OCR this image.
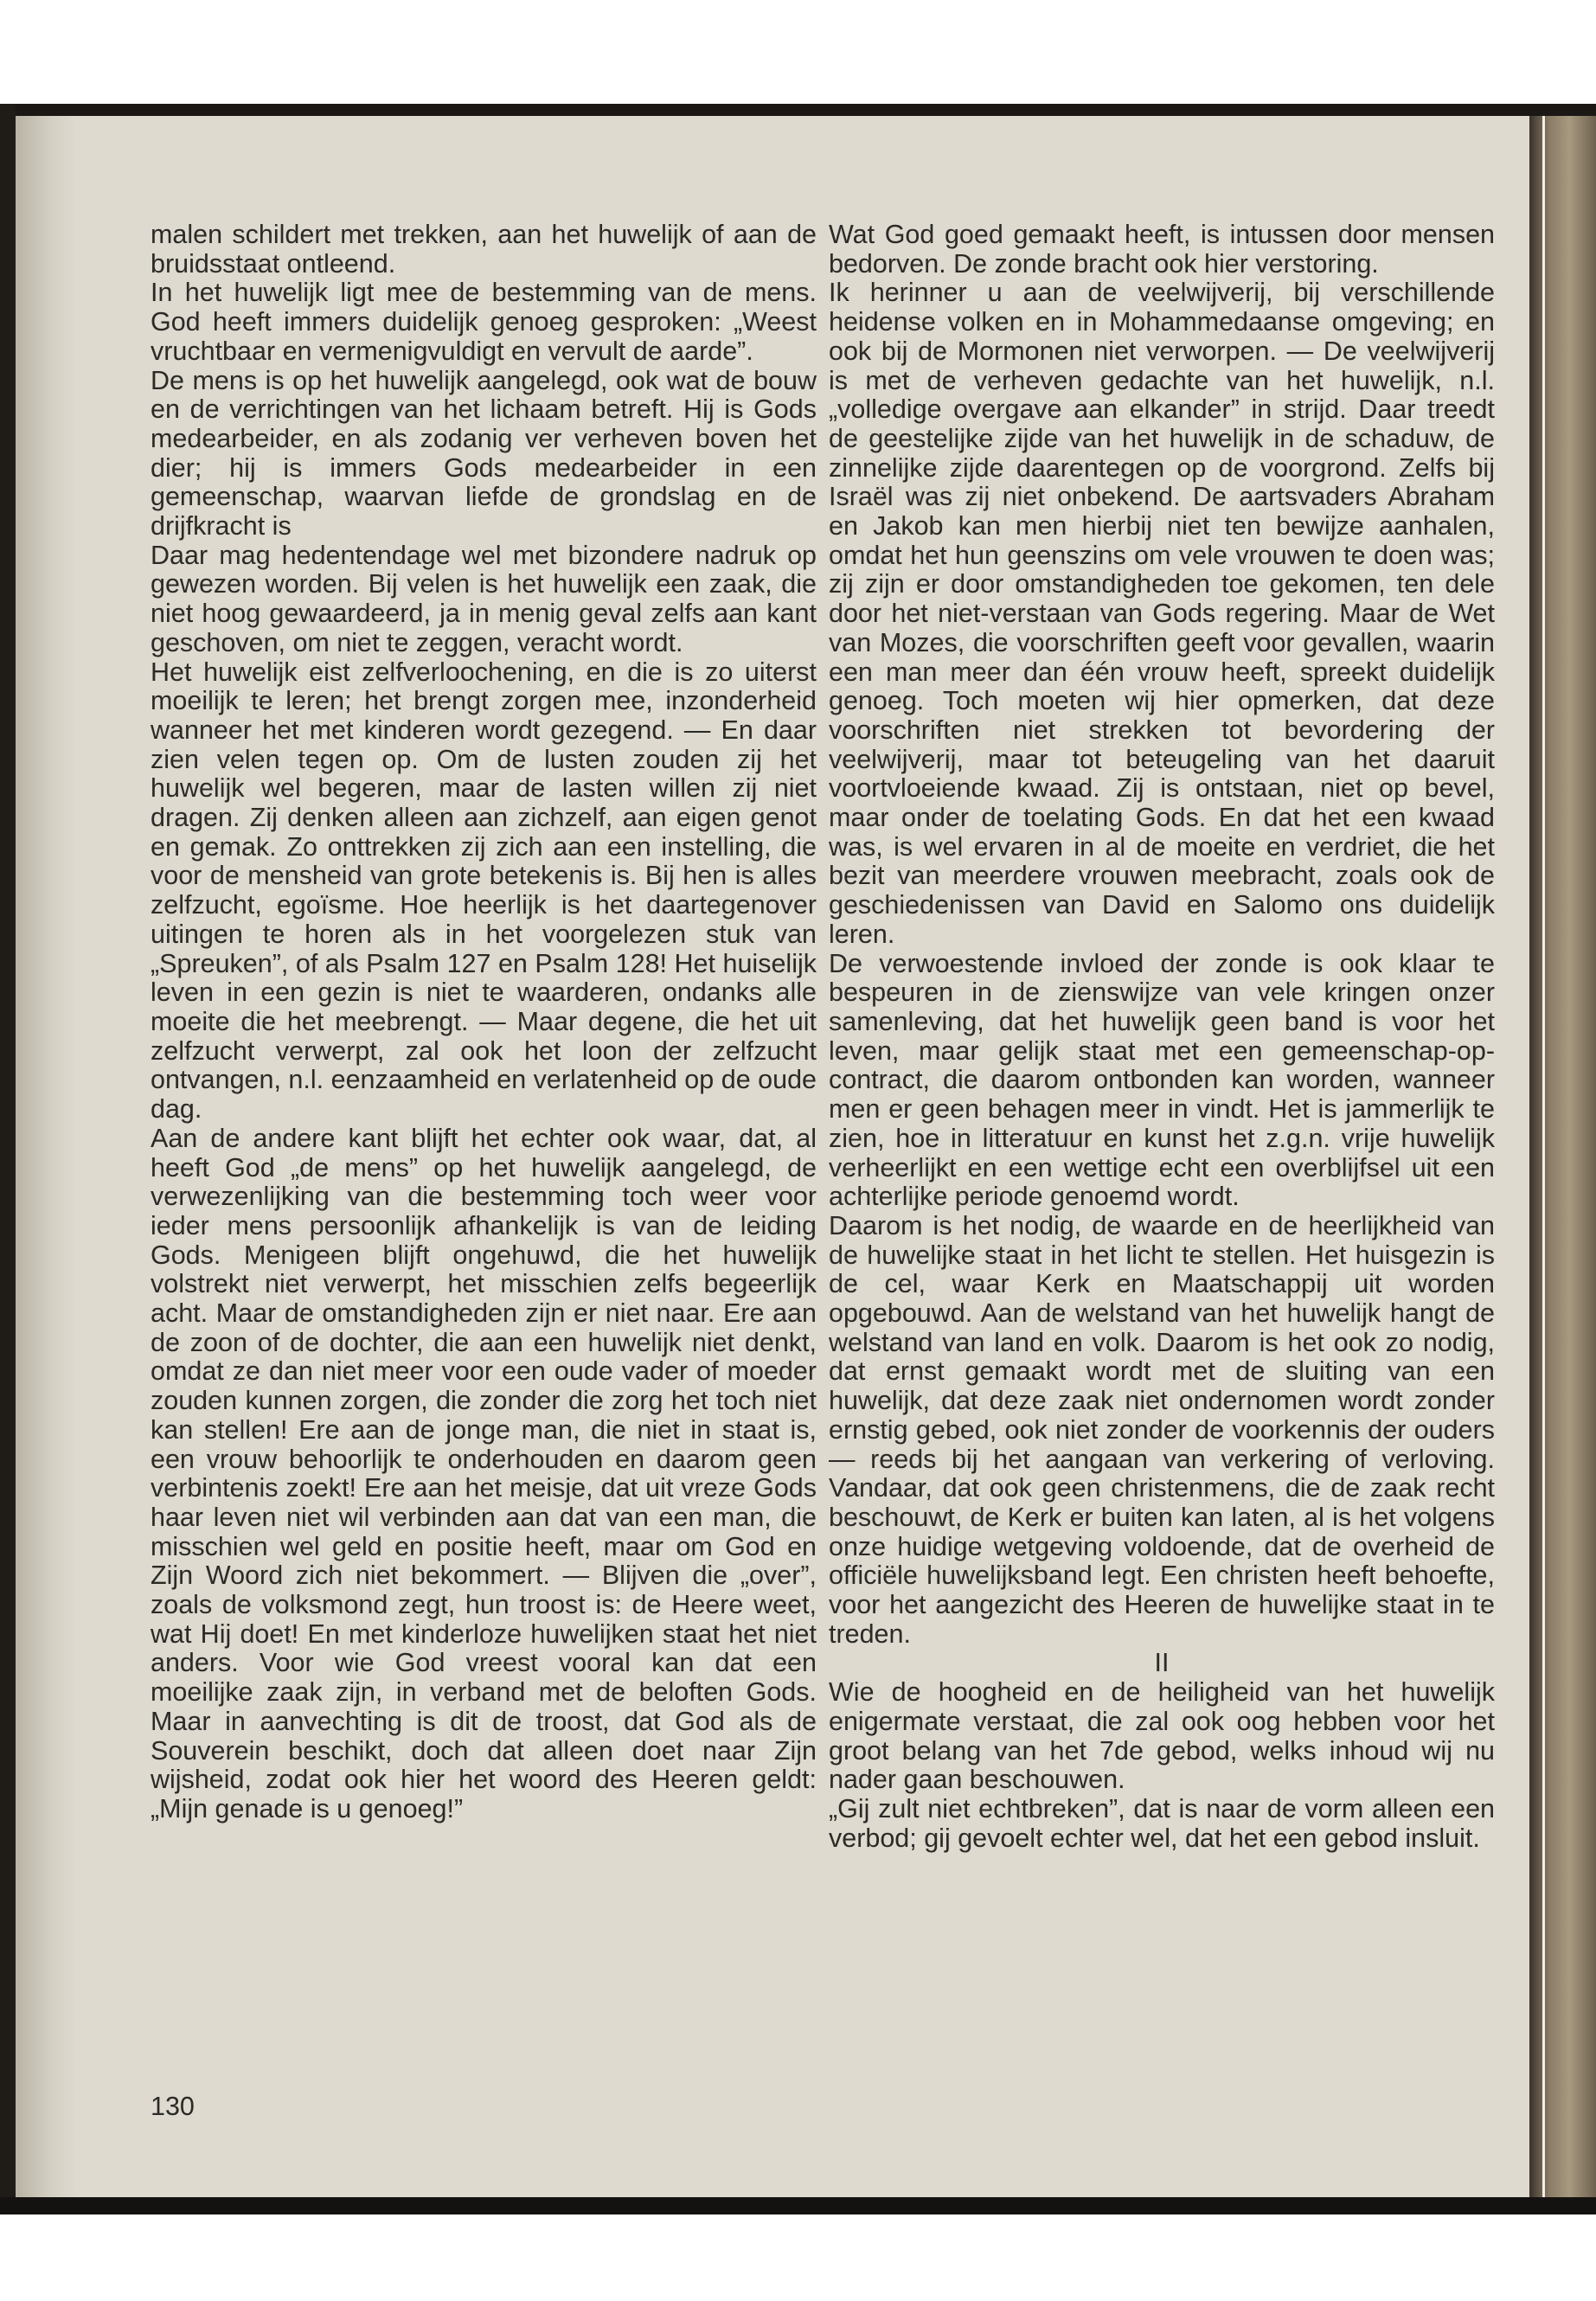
malen schildert met trekken, aan het huwelijk of aan de bruidsstaat ontleend.

In het huwelijk ligt mee de bestemming van de mens. God heeft immers duidelijk genoeg gesproken: „Weest vruchtbaar en vermenigvuldigt en vervult de aarde”.

De mens is op het huwelijk aangelegd, ook wat de bouw en de verrichtingen van het lichaam betreft. Hij is Gods medearbeider, en als zodanig ver verheven boven het dier; hij is immers Gods medearbeider in een gemeenschap, waarvan liefde de grondslag en de drijfkracht is

Daar mag hedentendage wel met bizondere nadruk op gewezen worden. Bij velen is het huwelijk een zaak, die niet hoog gewaardeerd, ja in menig geval zelfs aan kant geschoven, om niet te zeggen, veracht wordt.

Het huwelijk eist zelfverloochening, en die is zo uiterst moeilijk te leren; het brengt zorgen mee, inzonderheid wanneer het met kinderen wordt gezegend. — En daar zien velen tegen op. Om de lusten zouden zij het huwelijk wel begeren, maar de lasten willen zij niet dragen. Zij denken alleen aan zichzelf, aan eigen genot en gemak. Zo onttrekken zij zich aan een instelling, die voor de mensheid van grote betekenis is. Bij hen is alles zelfzucht, egoïsme. Hoe heerlijk is het daartegenover uitingen te horen als in het voorgelezen stuk van „Spreuken”, of als Psalm 127 en Psalm 128! Het huiselijk leven in een gezin is niet te waarderen, ondanks alle moeite die het meebrengt. — Maar degene, die het uit zelfzucht verwerpt, zal ook het loon der zelfzucht ontvangen, n.l. eenzaamheid en verlatenheid op de oude dag.

Aan de andere kant blijft het echter ook waar, dat, al heeft God „de mens” op het huwelijk aangelegd, de verwezenlijking van die bestemming toch weer voor ieder mens persoonlijk afhankelijk is van de leiding Gods. Menigeen blijft ongehuwd, die het huwelijk volstrekt niet verwerpt, het misschien zelfs begeerlijk acht. Maar de omstandigheden zijn er niet naar. Ere aan de zoon of de dochter, die aan een huwelijk niet denkt, omdat ze dan niet meer voor een oude vader of moeder zouden kunnen zorgen, die zonder die zorg het toch niet kan stellen! Ere aan de jonge man, die niet in staat is, een vrouw behoorlijk te onderhouden en daarom geen verbintenis zoekt! Ere aan het meisje, dat uit vreze Gods haar leven niet wil verbinden aan dat van een man, die misschien wel geld en positie heeft, maar om God en Zijn Woord zich niet bekommert. — Blijven die „over”, zoals de volksmond zegt, hun troost is: de Heere weet, wat Hij doet! En met kinderloze huwelijken staat het niet anders. Voor wie God vreest vooral kan dat een moeilijke zaak zijn, in verband met de beloften Gods. Maar in aanvechting is dit de troost, dat God als de Souverein beschikt, doch dat alleen doet naar Zijn wijsheid, zodat ook hier het woord des Heeren geldt: „Mijn genade is u genoeg!”

Wat God goed gemaakt heeft, is intussen door mensen bedorven. De zonde bracht ook hier verstoring.

Ik herinner u aan de veelwijverij, bij verschillende heidense volken en in Mohammedaanse omgeving; en ook bij de Mormonen niet verworpen. — De veelwijverij is met de verheven gedachte van het huwelijk, n.l. „volledige overgave aan elkander” in strijd. Daar treedt de geestelijke zijde van het huwelijk in de schaduw, de zinnelijke zijde daarentegen op de voorgrond. Zelfs bij Israël was zij niet onbekend. De aartsvaders Abraham en Jakob kan men hierbij niet ten bewijze aanhalen, omdat het hun geenszins om vele vrouwen te doen was; zij zijn er door omstandigheden toe gekomen, ten dele door het niet-verstaan van Gods regering. Maar de Wet van Mozes, die voorschriften geeft voor gevallen, waarin een man meer dan één vrouw heeft, spreekt duidelijk genoeg. Toch moeten wij hier opmerken, dat deze voorschriften niet strekken tot bevordering der veelwijverij, maar tot beteugeling van het daaruit voortvloeiende kwaad. Zij is ontstaan, niet op bevel, maar onder de toelating Gods. En dat het een kwaad was, is wel ervaren in al de moeite en verdriet, die het bezit van meerdere vrouwen meebracht, zoals ook de geschiedenissen van David en Salomo ons duidelijk leren.

De verwoestende invloed der zonde is ook klaar te bespeuren in de zienswijze van vele kringen onzer samenleving, dat het huwelijk geen band is voor het leven, maar gelijk staat met een gemeenschap-op-contract, die daarom ontbonden kan worden, wanneer men er geen behagen meer in vindt. Het is jammerlijk te zien, hoe in litteratuur en kunst het z.g.n. vrije huwelijk verheerlijkt en een wettige echt een overblijfsel uit een achterlijke periode genoemd wordt.

Daarom is het nodig, de waarde en de heerlijkheid van de huwelijke staat in het licht te stellen. Het huisgezin is de cel, waar Kerk en Maatschappij uit worden opgebouwd. Aan de welstand van het huwelijk hangt de welstand van land en volk. Daarom is het ook zo nodig, dat ernst gemaakt wordt met de sluiting van een huwelijk, dat deze zaak niet ondernomen wordt zonder ernstig gebed, ook niet zonder de voorkennis der ouders — reeds bij het aangaan van verkering of verloving. Vandaar, dat ook geen christenmens, die de zaak recht beschouwt, de Kerk er buiten kan laten, al is het volgens onze huidige wetgeving voldoende, dat de overheid de officiële huwelijksband legt. Een christen heeft behoefte, voor het aangezicht des Heeren de huwelijke staat in te treden.

II

Wie de hoogheid en de heiligheid van het huwelijk enigermate verstaat, die zal ook oog hebben voor het groot belang van het 7de gebod, welks inhoud wij nu nader gaan beschouwen.

„Gij zult niet echtbreken”, dat is naar de vorm alleen een verbod; gij gevoelt echter wel, dat het een gebod insluit.

130
